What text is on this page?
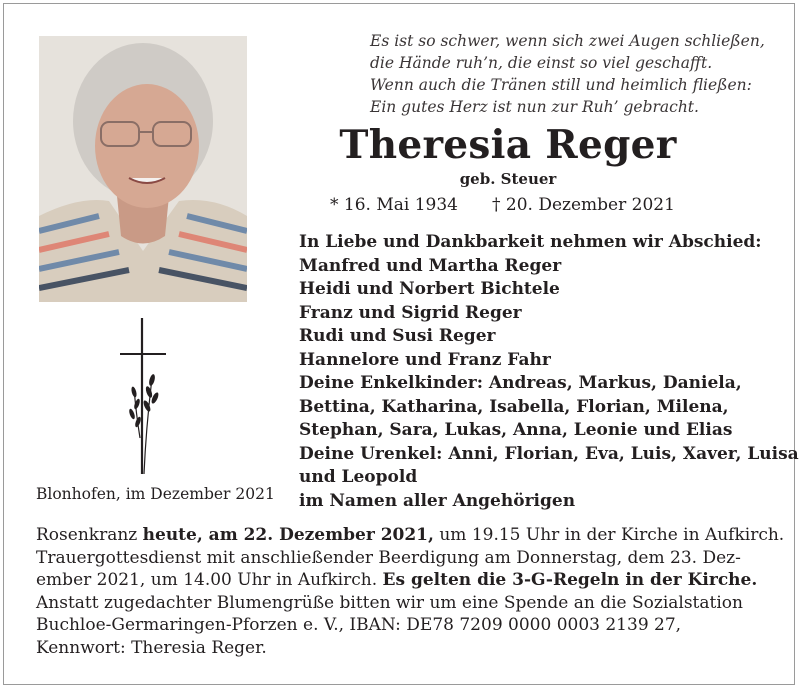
Es ist so schwer, wenn sich zwei Augen schließen,
die Hände ruh’n, die einst so viel geschafft.
Wenn auch die Tränen still und heimlich fließen:
Ein gutes Herz ist nun zur Ruh’ gebracht.
Theresia Reger
geb. Steuer
* 16. Mai 1934 † 20. Dezember 2021
In Liebe und Dankbarkeit nehmen wir Abschied:
Manfred und Martha Reger
Heidi und Norbert Bichtele
Franz und Sigrid Reger
Rudi und Susi Reger
Hannelore und Franz Fahr
Deine Enkelkinder: Andreas, Markus, Daniela,
Bettina, Katharina, Isabella, Florian, Milena,
Stephan, Sara, Lukas, Anna, Leonie und Elias
Deine Urenkel: Anni, Florian, Eva, Luis, Xaver, Luisa
und Leopold
im Namen aller Angehörigen
Blonhofen, im Dezember 2021
Rosenkranz heute, am 22. Dezember 2021, um 19.15 Uhr in der Kirche in Aufkirch.
Trauergottesdienst mit anschließender Beerdigung am Donnerstag, dem 23. Dez-
ember 2021, um 14.00 Uhr in Aufkirch. Es gelten die 3-G-Regeln in der Kirche.
Anstatt zugedachter Blumengrüße bitten wir um eine Spende an die Sozialstation
Buchloe-Germaringen-Pforzen e. V., IBAN: DE78 7209 0000 0003 2139 27,
Kennwort: Theresia Reger.
